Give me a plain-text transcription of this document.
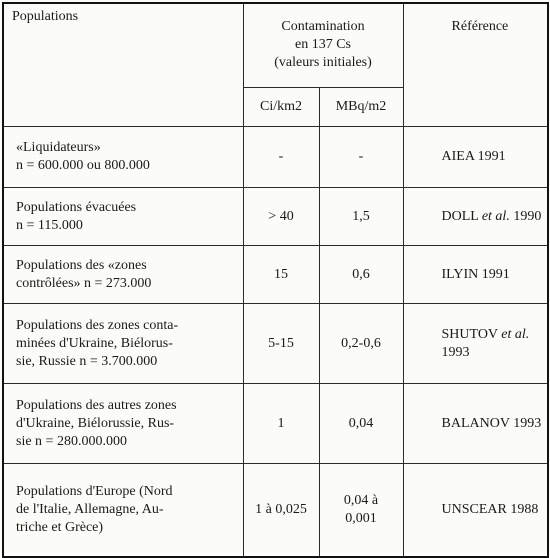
Populations	Contamination
en 137 Cs
(valeurs initiales)		Référence
	Ci/km2	MBq/m2	

«Liquidateurs»
n = 600.000 ou 800.000	-	-	AIEA 1991

Populations évacuées
n = 115.000	> 40	1,5	DOLL et al. 1990

Populations des «zones
contrôlées» n = 273.000	15	0,6	ILYIN 1991

Populations des zones conta-
minées d'Ukraine, Biélorus-
sie, Russie n = 3.700.000	5-15	0,2-0,6	SHUTOV et al. 1993

Populations des autres zones
d'Ukraine, Biélorussie, Rus-
sie n = 280.000.000	1	0,04	BALANOV 1993

Populations d'Europe (Nord
de l'Italie, Allemagne, Au-
triche et Grèce)	1 à 0,025	0,04 à
0,001	UNSCEAR 1988
